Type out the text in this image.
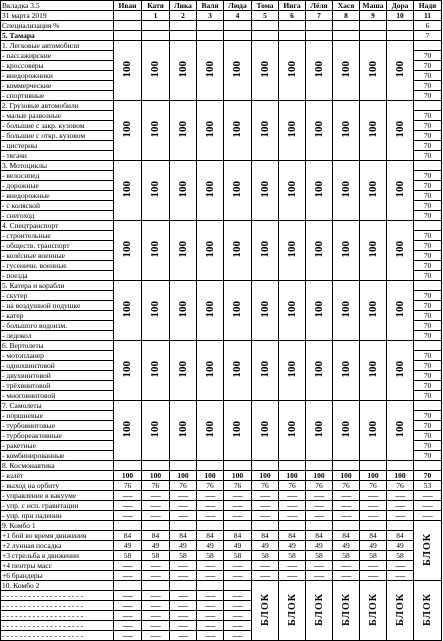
Вкладка 3.5	Иван	Катя	Лика	Валя	Люда	Тома	Инга	Лёля	Хася	Маша	Дора	Надя
31 марта 2019		1	2	3	4	5	6	7	8	9	10	11
Специализация %												6
5. Тамара												7
1. Легковые автомобили	100	100	100	100	100	100	100	100	100	100	100	
- пассажирские												70
- кроссоверы												70
- внедорожники												70
- коммерческие												70
- спортивные												70
2. Грузовые автомобили	100	100	100	100	100	100	100	100	100	100	100	
- малые развозные												70
- большие с закр. кузовом												70
- большие с откр. кузовом												70
- цистерны												70
- тягачи												70
3. Мотоциклы	100	100	100	100	100	100	100	100	100	100	100	
- велосипед												70
- дорожные												70
- внедорожные												70
- с коляской												70
- снегоход												70
4. Спецтранспорт	100	100	100	100	100	100	100	100	100	100	100	
- строительные												70
- обществ. транспорт												70
- колёсные военные												70
- гусеничн. военные												70
- поезда												70
5. Катера и корабли	100	100	100	100	100	100	100	100	100	100	100	
- скутер												70
- на воздушной подушке												70
- катер												70
- большого водоизм.												70
- ледокол												70
6. Вертолеты	100	100	100	100	100	100	100	100	100	100	100	
- мотопланер												70
- однохвинтовой												70
- двухвинтовой												70
- трёхвинтовой												70
- многовинтовой												70
7. Самолеты	100	100	100	100	100	100	100	100	100	100	100	
- поршневые												70
- турбовинтовые												70
- турбореактивные												70
- ракетные												70
- комбинированные												70
8. Космонавтика												
- взлёт	100	100	100	100	100	100	100	100	100	100	100	70
- выход на орбиту	76	76	76	76	76	76	76	76	76	76	76	53
- управление в вакууме	-----	-----	-----	-----	-----	-----	-----	-----	-----	-----	-----	-----
- упр. с исп. гравитации	-----	-----	-----	-----	-----	-----	-----	-----	-----	-----	-----	-----
- упр. при падении	-----	-----	-----	-----	-----	-----	-----	-----	-----	-----	-----	-----
9. Комбо 1												БЛОК
+1 бой во время движения	84	84	84	84	84	84	84	84	84	84	84	
+2 лунная посадка	49	49	49	49	49	49	49	49	49	49	49	
+3 стрельба в движении	58	58	58	58	58	58	58	58	58	58	58	
+4 пентры масс	-----	-----	-----	-----	-----	-----	-----	-----	-----	-----	-----	
+6 брандеры	-----	-----	-----	-----	-----	-----	-----	-----	-----	-----	-----	
10. Комбо 2						БЛОК	БЛОК	БЛОК	БЛОК	БЛОК	БЛОК	БЛОК
- - - - - - - - - - - - - - - - - - -	-----	-----	-----	-----	-----							
- - - - - - - - - - - - - - - - - - -	-----	-----	-----	-----	-----							
- - - - - - - - - - - - - - - - - - -	-----	-----	-----	-----	-----							
- - - - - - - - - - - - - - - - - - -	-----	-----	-----	-----	-----							
- - - - - - - - - - - - - - - - - - -	-----	-----	-----	-----	-----							
